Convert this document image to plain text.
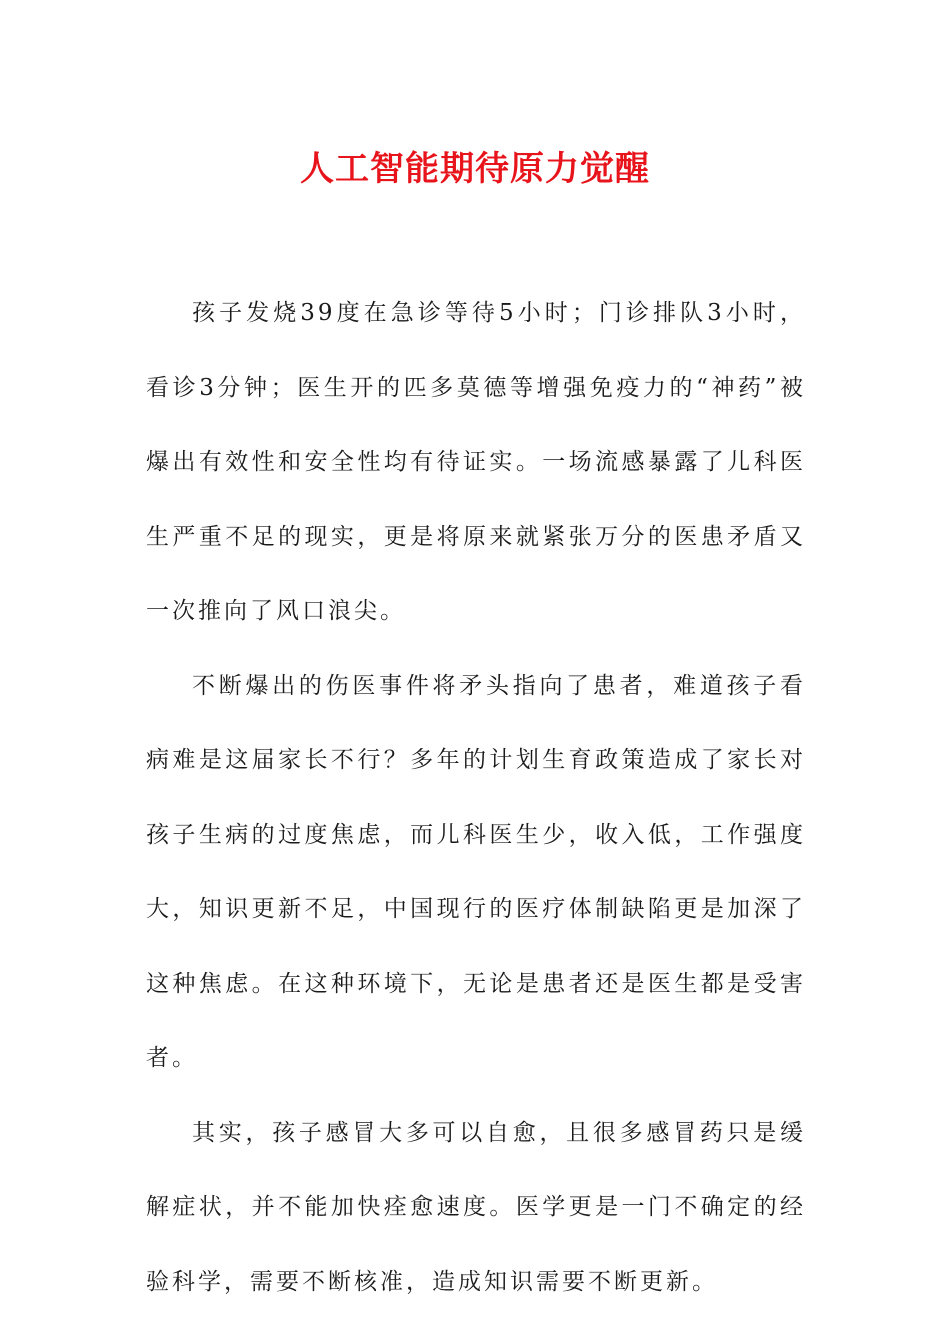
人工智能期待原力觉醒

孩子发烧39度在急诊等待5小时；门诊排队3小时，看诊3分钟；医生开的匹多莫德等增强免疫力的“神药”被爆出有效性和安全性均有待证实。一场流感暴露了儿科医生严重不足的现实，更是将原来就紧张万分的医患矛盾又一次推向了风口浪尖。

不断爆出的伤医事件将矛头指向了患者，难道孩子看病难是这届家长不行？多年的计划生育政策造成了家长对孩子生病的过度焦虑，而儿科医生少，收入低，工作强度大，知识更新不足，中国现行的医疗体制缺陷更是加深了这种焦虑。在这种环境下，无论是患者还是医生都是受害者。

其实，孩子感冒大多可以自愈，且很多感冒药只是缓解症状，并不能加快痊愈速度。医学更是一门不确定的经验科学，需要不断核准，造成知识需要不断更新。
